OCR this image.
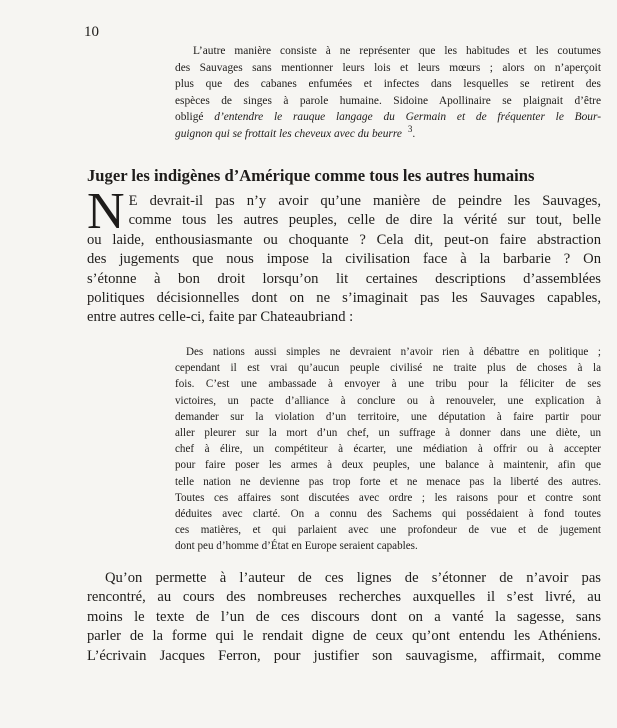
10
L’autre manière consiste à ne représenter que les habitudes et les coutumes
des Sauvages sans mentionner leurs lois et leurs mœurs ; alors on n’aperçoit
plus que des cabanes enfumées et infectes dans lesquelles se retirent des
espèces de singes à parole humaine. Sidoine Apollinaire se plaignait d’être
obligé d’entendre le rauque langage du Germain et de fréquenter le Bour-
guignon qui se frottait les cheveux avec du beurre $^3$.
Juger les indigènes d’Amérique comme tous les autres humains
N E devrait-il pas n’y avoir qu’une manière de peindre les Sauvages,
comme tous les autres peuples, celle de dire la vérité sur tout, belle
ou laide, enthousiasmante ou choquante ? Cela dit, peut-on faire abstraction
des jugements que nous impose la civilisation face à la barbarie ? On
s’étonne à bon droit lorsqu’on lit certaines descriptions d’assemblées
politiques décisionnelles dont on ne s’imaginait pas les Sauvages capables,
entre autres celle-ci, faite par Chateaubriand :
Des nations aussi simples ne devraient n’avoir rien à débattre en politique ;
cependant il est vrai qu’aucun peuple civilisé ne traite plus de choses à la
fois. C’est une ambassade à envoyer à une tribu pour la féliciter de ses
victoires, un pacte d’alliance à conclure ou à renouveler, une explication à
demander sur la violation d’un territoire, une députation à faire partir pour
aller pleurer sur la mort d’un chef, un suffrage à donner dans une diète, un
chef à élire, un compétiteur à écarter, une médiation à offrir ou à accepter
pour faire poser les armes à deux peuples, une balance à maintenir, afin que
telle nation ne devienne pas trop forte et ne menace pas la liberté des autres.
Toutes ces affaires sont discutées avec ordre ; les raisons pour et contre sont
déduites avec clarté. On a connu des Sachems qui possédaient à fond toutes
ces matières, et qui parlaient avec une profondeur de vue et de jugement
dont peu d’homme d’État en Europe seraient capables.
Qu’on permette à l’auteur de ces lignes de s’étonner de n’avoir pas
rencontré, au cours des nombreuses recherches auxquelles il s’est livré, au
moins le texte de l’un de ces discours dont on a vanté la sagesse, sans
parler de la forme qui le rendait digne de ceux qu’ont entendu les Athéniens.
L’écrivain Jacques Ferron, pour justifier son sauvagisme, affirmait, comme
